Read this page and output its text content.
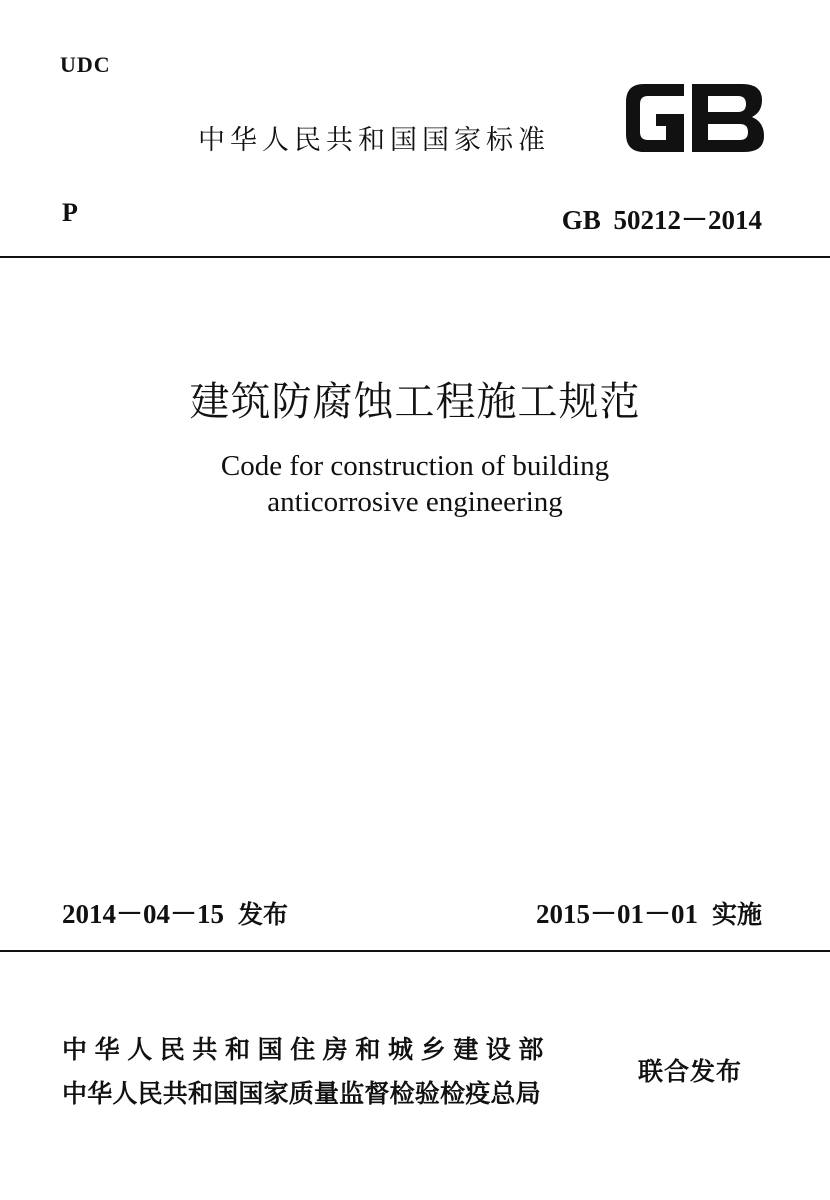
UDC
中华人民共和国国家标准
P	GB 50212－2014
建筑防腐蚀工程施工规范
Code for construction of building
anticorrosive engineering
2014－04－15 发布	2015－01－01 实施
中华人民共和国住房和城乡建设部
中华人民共和国国家质量监督检验检疫总局
联合发布
